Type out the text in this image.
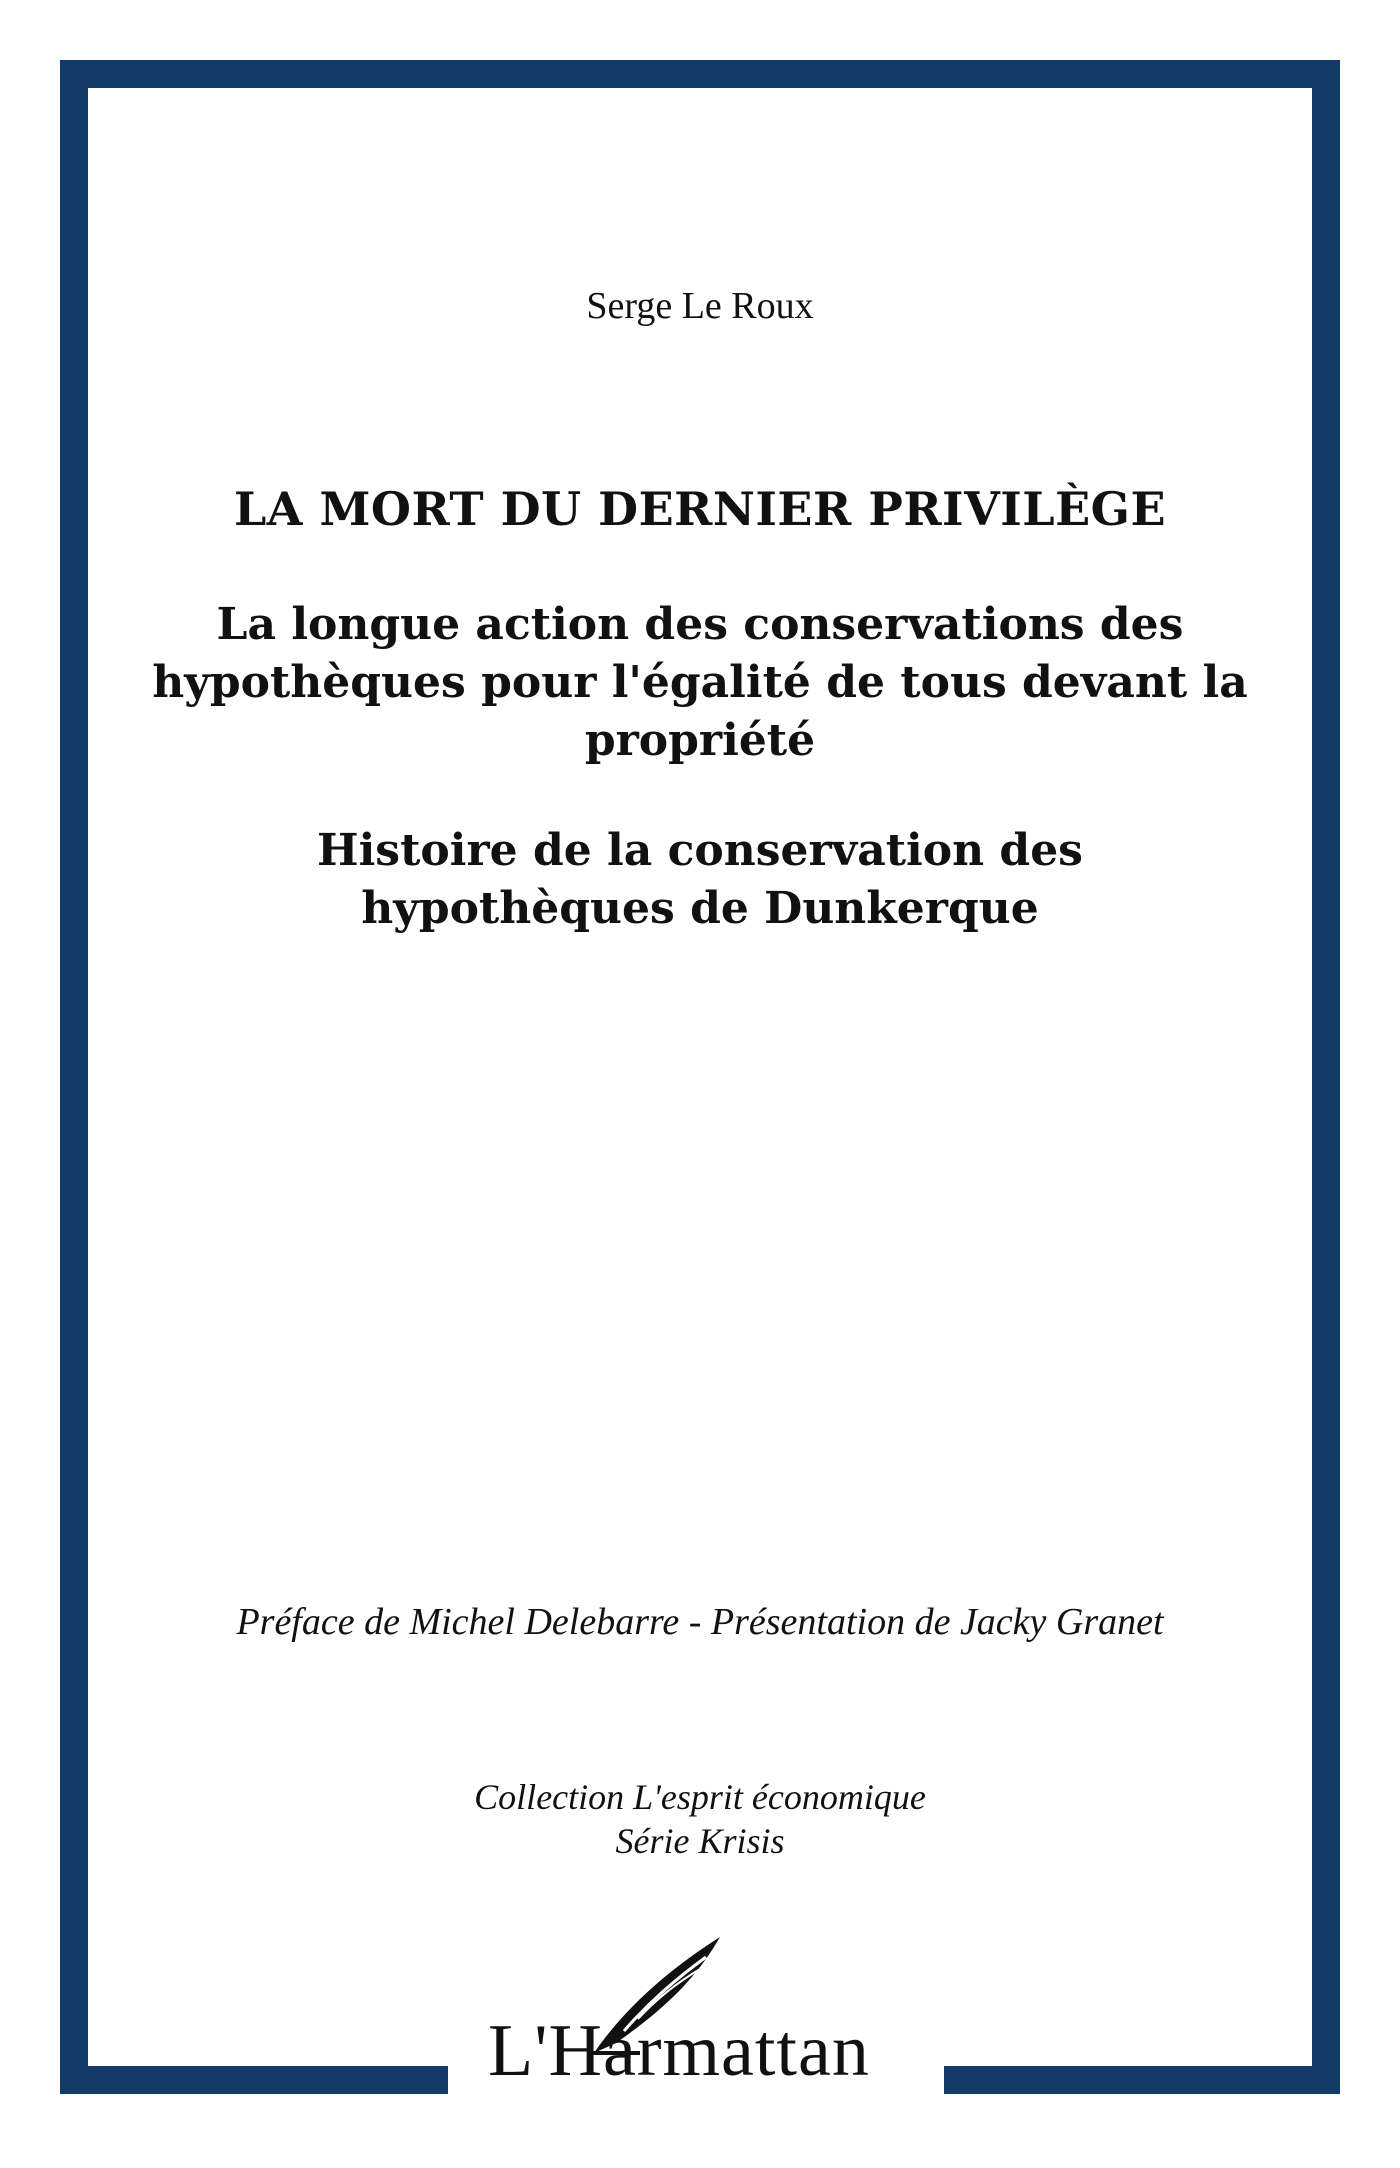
Serge Le Roux
LA MORT DU DERNIER PRIVILÈGE
La longue action des conservations des hypothèques pour l'égalité de tous devant la propriété
Histoire de la conservation des hypothèques de Dunkerque
Préface de Michel Delebarre - Présentation de Jacky Granet
Collection L'esprit économique
Série Krisis
L'Harmattan
